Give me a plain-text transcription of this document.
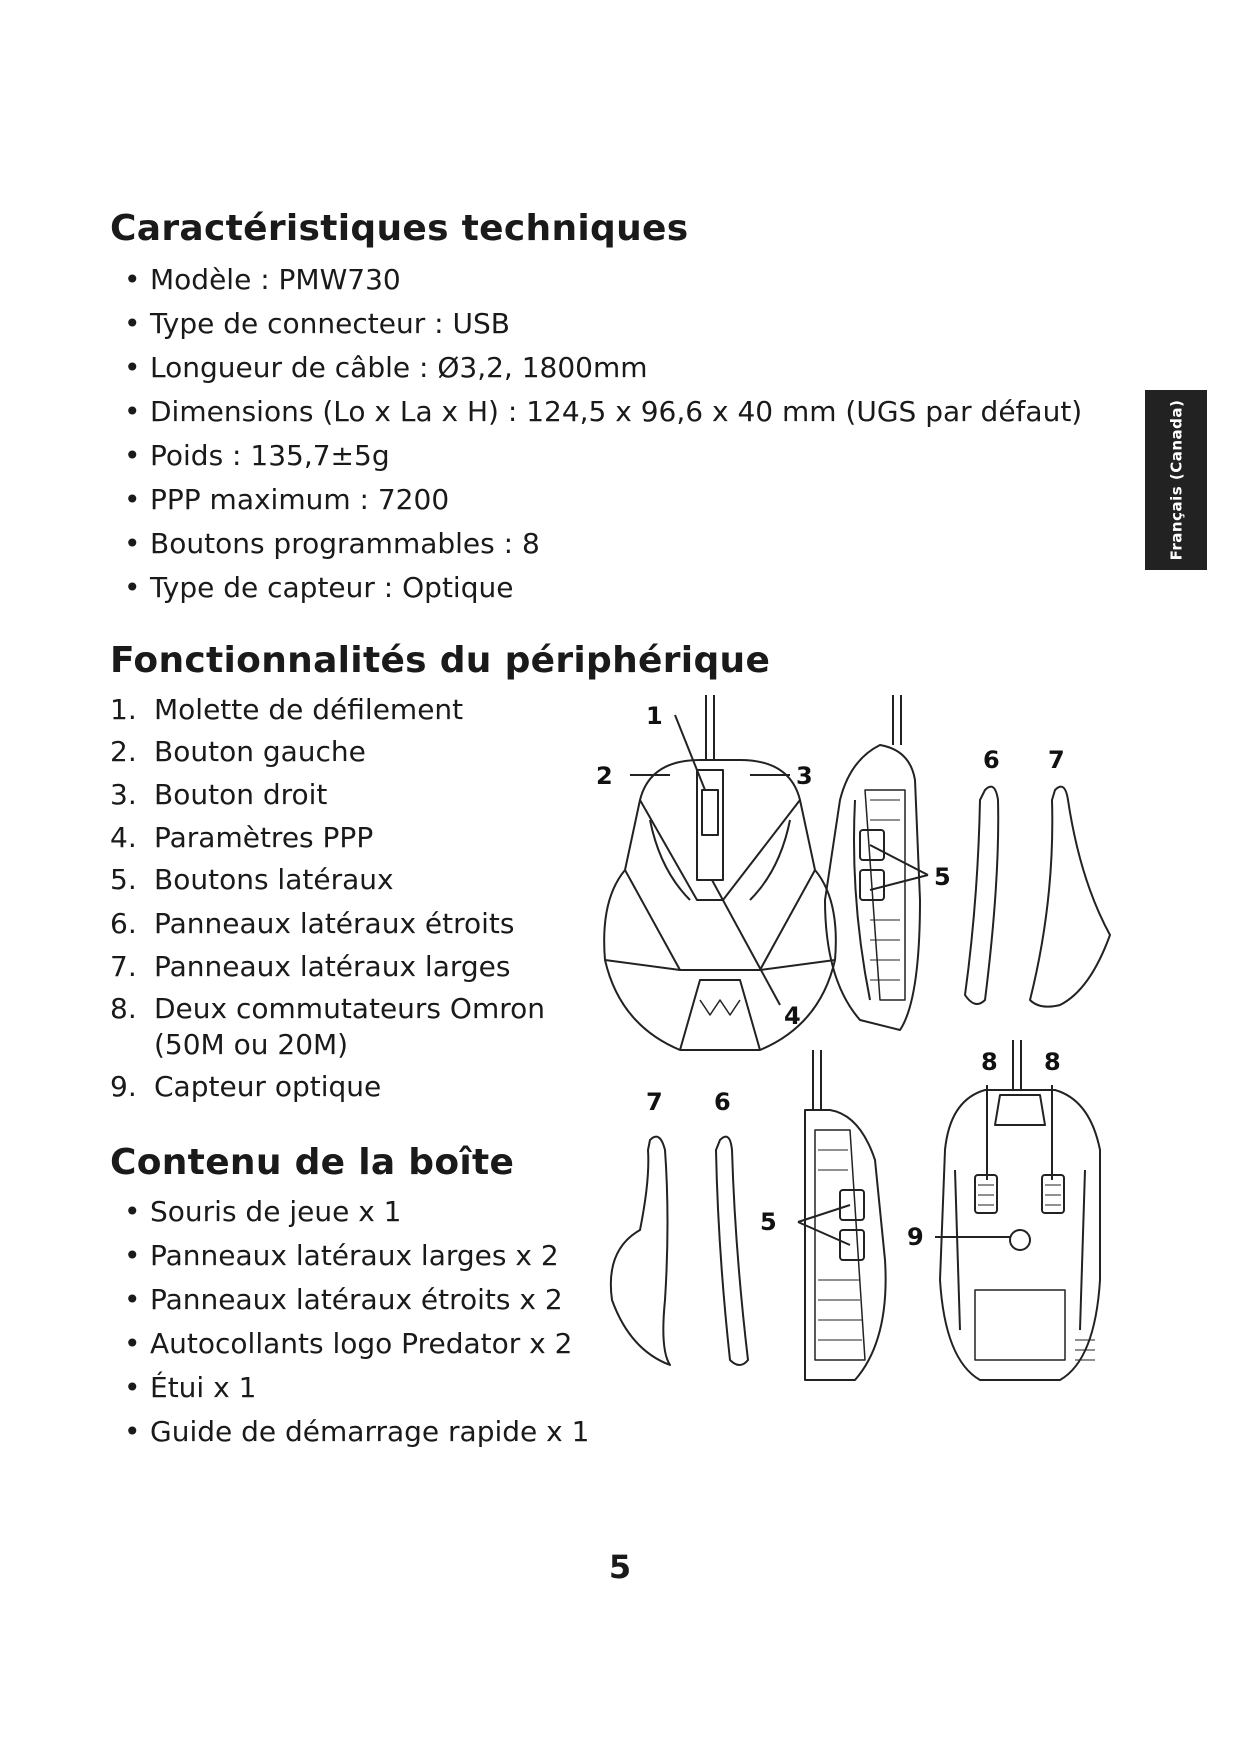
Français (Canada)
Caractéristiques techniques
• Modèle : PMW730
• Type de connecteur : USB
• Longueur de câble : Ø3,2, 1800mm
• Dimensions (Lo x La x H) : 124,5 x 96,6 x 40 mm (UGS par défaut)
• Poids : 135,7±5g
• PPP maximum : 7200
• Boutons programmables : 8
• Type de capteur : Optique
Fonctionnalités du périphérique
1. Molette de défilement
2. Bouton gauche
3. Bouton droit
4. Paramètres PPP
5. Boutons latéraux
6. Panneaux latéraux étroits
7. Panneaux latéraux larges
8. Deux commutateurs Omron
(50M ou 20M)
9. Capteur optique
Contenu de la boîte
• Souris de jeue x 1
• Panneaux latéraux larges x 2
• Panneaux latéraux étroits x 2
• Autocollants logo Predator x 2
• Étui x 1
• Guide de démarrage rapide x 1
1
2	3
4
5
6 7
8 8
9
7 6
5
5
